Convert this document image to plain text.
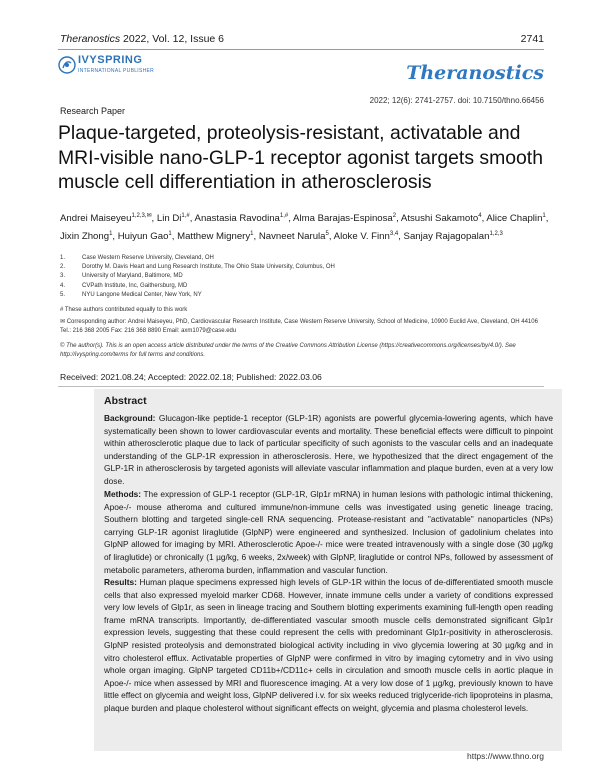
Theranostics 2022, Vol. 12, Issue 6	2741
IVYSPRING
INTERNATIONAL PUBLISHER	Theranostics
2022; 12(6): 2741-2757. doi: 10.7150/thno.66456
Research Paper
Plaque-targeted, proteolysis-resistant, activatable and MRI-visible nano-GLP-1 receptor agonist targets smooth muscle cell differentiation in atherosclerosis
Andrei Maiseyeu$^{1,2,3,✉}$, Lin $Di^{1,\#}$, Anastasia Ravodina$^{1,\#}$, Alma Barajas-Espinosa$^2$, Atsushi Sakamoto$^4$, Alice Chaplin$^1$, Jixin Zhong$^1$, Huiyun Gao$^1$, Matthew Mignery$^1$, Navneet Narula$^5$, Aloke V. Finn$^{3,4}$, Sanjay Rajagopalan$^{1,2,3}$
1.	Case Western Reserve University, Cleveland, OH
2.	Dorothy M. Davis Heart and Lung Research Institute, The Ohio State University, Columbus, OH
3.	University of Maryland, Baltimore, MD
4.	CVPath Institute, Inc, Gaithersburg, MD
5.	NYU Langone Medical Center, New York, NY
# These authors contributed equally to this work
✉ Corresponding author: Andrei Maiseyeu, PhD, Cardiovascular Research Institute, Case Western Reserve University, School of Medicine, 10900 Euclid Ave, Cleveland, OH 44106 Tel.: 216 368 2005 Fax: 216 368 8890 Email: axm1079@case.edu
© The author(s). This is an open access article distributed under the terms of the Creative Commons Attribution License (https://creativecommons.org/licenses/by/4.0/). See http://ivyspring.com/terms for full terms and conditions.
Received: 2021.08.24; Accepted: 2022.02.18; Published: 2022.03.06
Abstract
Background: Glucagon-like peptide-1 receptor (GLP-1R) agonists are powerful glycemia-lowering agents, which have systematically been shown to lower cardiovascular events and mortality. These beneficial effects were difficult to pinpoint within atherosclerotic plaque due to lack of particular specificity of such agonists to the vascular cells and an inadequate understanding of the GLP-1R expression in atherosclerosis. Here, we hypothesized that the direct engagement of the GLP-1R in atherosclerosis by targeted agonists will alleviate vascular inflammation and plaque burden, even at a very low dose.
Methods: The expression of GLP-1 receptor (GLP-1R, Glp1r mRNA) in human lesions with pathologic intimal thickening, Apoe-/- mouse atheroma and cultured immune/non-immune cells was investigated using genetic lineage tracing, Southern blotting and targeted single-cell RNA sequencing. Protease-resistant and "activatable" nanoparticles (NPs) carrying GLP-1R agonist liraglutide (GlpNP) were engineered and synthesized. Inclusion of gadolinium chelates into GlpNP allowed for imaging by MRI. Atherosclerotic Apoe-/- mice were treated intravenously with a single dose (30 µg/kg of liraglutide) or chronically (1 µg/kg, 6 weeks, 2x/week) with GlpNP, liraglutide or control NPs, followed by assessment of metabolic parameters, atheroma burden, inflammation and vascular function.
Results: Human plaque specimens expressed high levels of GLP-1R within the locus of de-differentiated smooth muscle cells that also expressed myeloid marker CD68. However, innate immune cells under a variety of conditions expressed very low levels of Glp1r, as seen in lineage tracing and Southern blotting experiments examining full-length open reading frame mRNA transcripts. Importantly, de-differentiated vascular smooth muscle cells demonstrated significant Glp1r expression levels, suggesting that these could represent the cells with predominant Glp1r-positivity in atherosclerosis. GlpNP resisted proteolysis and demonstrated biological activity including in vivo glycemia lowering at 30 µg/kg and in vitro cholesterol efflux. Activatable properties of GlpNP were confirmed in vitro by imaging cytometry and in vivo using whole organ imaging. GlpNP targeted CD11b+/CD11c+ cells in circulation and smooth muscle cells in aortic plaque in Apoe-/- mice when assessed by MRI and fluorescence imaging. At a very low dose of 1 µg/kg, previously known to have little effect on glycemia and weight loss, GlpNP delivered i.v. for six weeks reduced triglyceride-rich lipoproteins in plasma, plaque burden and plaque cholesterol without significant effects on weight, glycemia and plasma cholesterol levels.
https://www.thno.org
